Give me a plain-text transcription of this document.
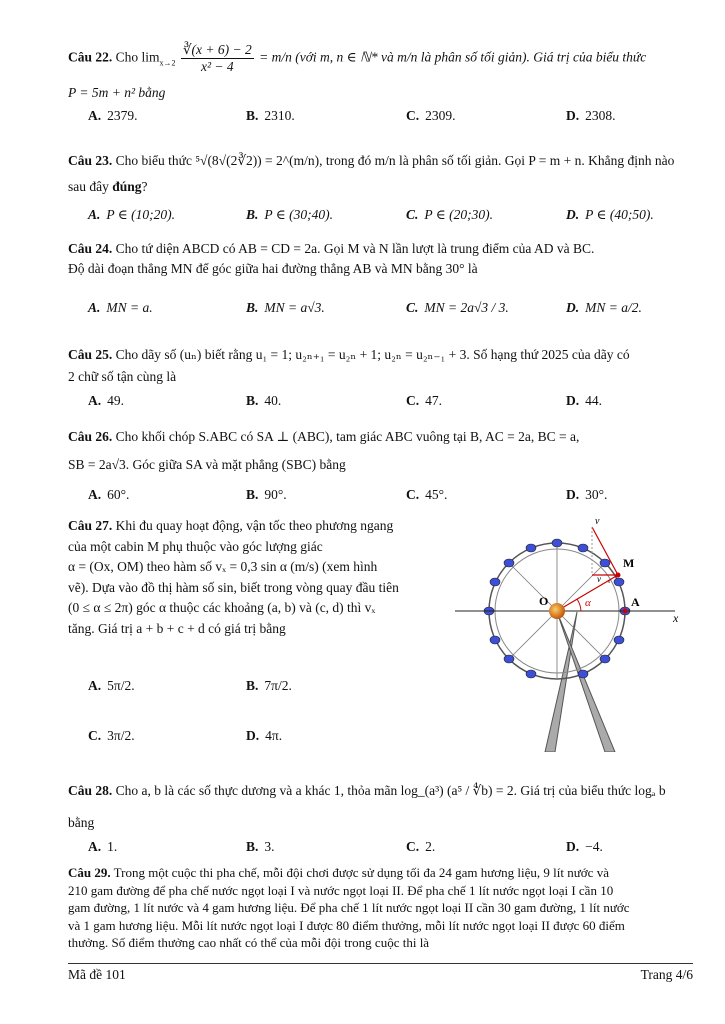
Câu 22. Cho $\lim_{x\to 2} \frac{∛(x + 6) - 2}{\text{x² − 4}} = m/n$ (với m, n ∈ ℕ* và m/n là phân số tối giản). Giá trị của biểu thức
P = 5m + n² bằng
A. 2379.	B. 2310.	C. 2309.	D. 2308.
Câu 23. Cho biểu thức ⁵√(8√(2∛2)) = 2^(m/n), trong đó m/n là phân số tối giản. Gọi P = m + n. Khẳng định nào
sau đây đúng?
A. P ∈ (10;20).	B. P ∈ (30;40).	C. P ∈ (20;30).	D. P ∈ (40;50).
Câu 24. Cho tứ diện ABCD có AB = CD = 2a. Gọi M và N lần lượt là trung điểm của AD và BC.
Độ dài đoạn thẳng MN để góc giữa hai đường thẳng AB và MN bằng 30° là
A. MN = a.	B. MN = a√3.	C. MN = 2a√3 / 3.	D. MN = a/2.
Câu 25. Cho dãy số (uₙ) biết rằng u₁ = 1; u₂ₙ₊₁ = u₂ₙ + 1; u₂ₙ = u₂ₙ₋₁ + 3. Số hạng thứ 2025 của dãy có
2 chữ số tận cùng là
A. 49.	B. 40.	C. 47.	D. 44.
Câu 26. Cho khối chóp S.ABC có SA ⊥ (ABC), tam giác ABC vuông tại B, AC = 2a, BC = a,
SB = 2a√3. Góc giữa SA và mặt phẳng (SBC) bằng
A. 60°.	B. 90°.	C. 45°.	D. 30°.
Câu 27. Khi đu quay hoạt động, vận tốc theo phương ngang
của một cabin M phụ thuộc vào góc lượng giác
α = (Ox, OM) theo hàm số vₓ = 0,3 sin α (m/s) (xem hình
vẽ). Dựa vào đồ thị hàm số sin, biết trong vòng quay đầu tiên
(0 ≤ α ≤ 2π) góc α thuộc các khoảng (a, b) và (c, d) thì vₓ
tăng. Giá trị a + b + c + d có giá trị bằng
A. 5π/2.	B. 7π/2.
C. 3π/2.	D. 4π.
Câu 28. Cho a, b là các số thực dương và a khác 1, thỏa mãn log_(a³) (a⁵ / ∜b) = 2. Giá trị của biểu thức logₐ b
bằng
A. 1.	B. 3.	C. 2.	D. −4.
Câu 29. Trong một cuộc thi pha chế, mỗi đội chơi được sử dụng tối đa 24 gam hương liệu, 9 lít nước và
210 gam đường để pha chế nước ngọt loại I và nước ngọt loại II. Để pha chế 1 lít nước ngọt loại I cần 10
gam đường, 1 lít nước và 4 gam hương liệu. Để pha chế 1 lít nước ngọt loại II cần 30 gam đường, 1 lít nước
và 1 gam hương liệu. Mỗi lít nước ngọt loại I được 80 điểm thưởng, mỗi lít nước ngọt loại II được 60 điểm
thưởng. Số điểm thưởng cao nhất có thể của mỗi đội trong cuộc thi là
O	A
M
x
α
v⃗
v⃗ₓ
Mã đề 101	Trang 4/6
